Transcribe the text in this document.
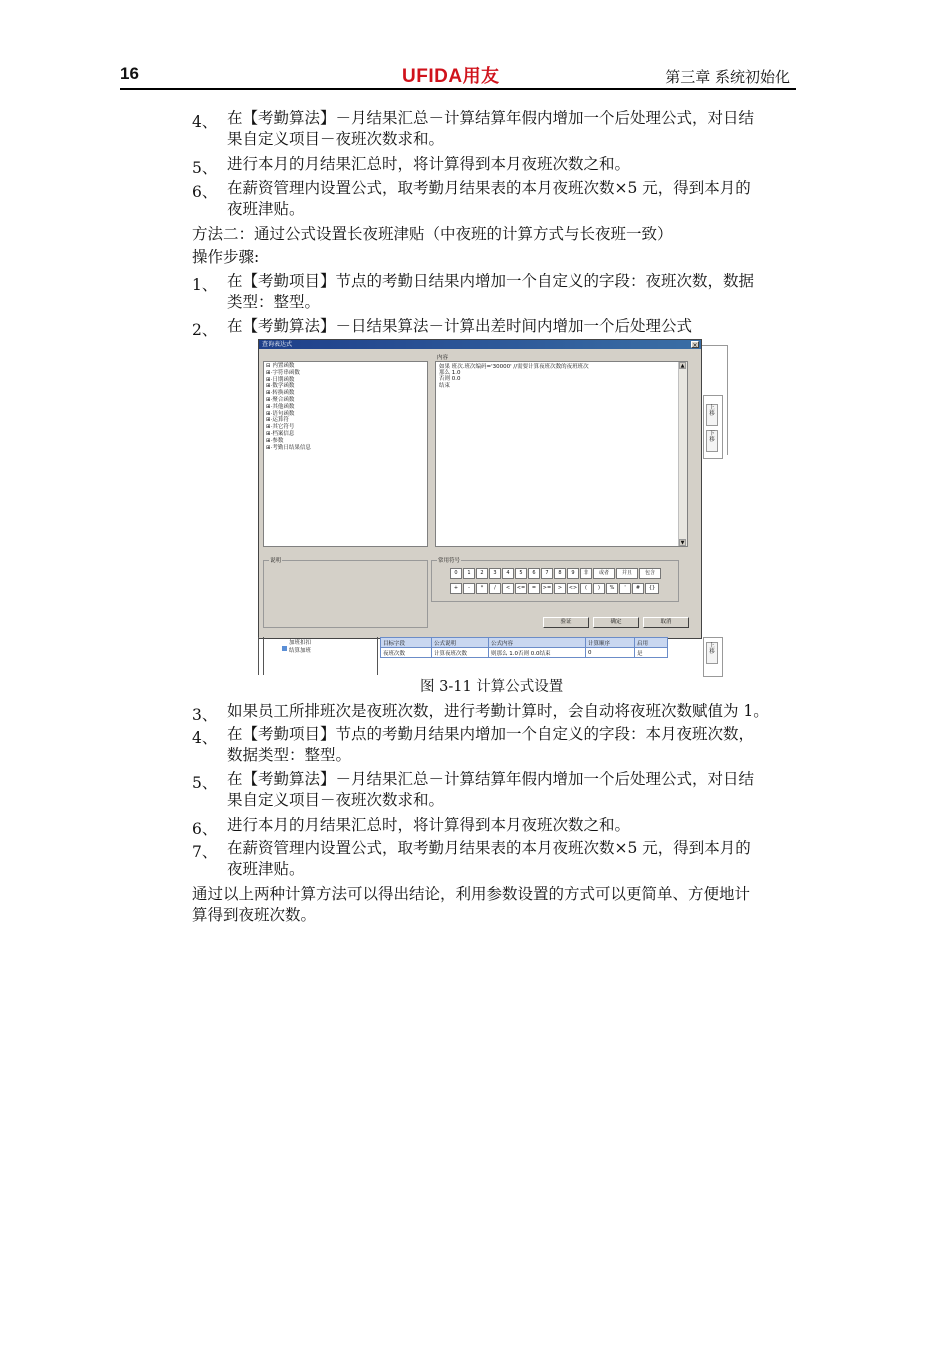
16	UFIDA用友	第三章 系统初始化
4、 在【考勤算法】－月结果汇总－计算结算年假内增加一个后处理公式，对日结
果自定义项目－夜班次数求和。
5、 进行本月的月结果汇总时，将计算得到本月夜班次数之和。
6、 在薪资管理内设置公式，取考勤月结果表的本月夜班次数×5 元，得到本月的
夜班津贴。
方法二：通过公式设置长夜班津贴（中夜班的计算方式与长夜班一致）
操作步骤:
1、 在【考勤项目】节点的考勤日结果内增加一个自定义的字段：夜班次数，数据
类型：整型。
2、 在【考勤算法】－日结果算法－计算出差时间内增加一个后处理公式
查询表达式	×
⊟ 内置函数
⊞·字符串函数
⊞·日期函数
⊞·数学函数
⊞·转换函数
⊞·聚合函数
⊞·其他函数
⊞·语句函数
⊞·运算符
⊞·其它符号
⊞·档案信息
⊞·参数
⊞·考勤日结果信息
内容
如果 班次.班次编码='30000' //需要计算夜班次数的夜班班次
那么 1.0
否则 0.0
结束
▲
▼
说明	常用符号
0	1	2	3	4	5	6	7	8	9	非	或者	并且	包含
+	-	*	/	<	<=	=	>=	>	<>	(	)	%	'	#	{}
验证	确定	取消
上移
下移
加班扣扣
结算加班
目标字段	公式说明	公式内容	计算顺序	启用
夜班次数	计算夜班次数	则那么 1.0否则 0.0结束	0	是
上移
图 3-11 计算公式设置
3、 如果员工所排班次是夜班次数，进行考勤计算时，会自动将夜班次数赋值为 1。
4、 在【考勤项目】节点的考勤月结果内增加一个自定义的字段：本月夜班次数，
数据类型：整型。
5、 在【考勤算法】－月结果汇总－计算结算年假内增加一个后处理公式，对日结
果自定义项目－夜班次数求和。
6、 进行本月的月结果汇总时，将计算得到本月夜班次数之和。
7、 在薪资管理内设置公式，取考勤月结果表的本月夜班次数×5 元，得到本月的
夜班津贴。
通过以上两种计算方法可以得出结论，利用参数设置的方式可以更简单、方便地计
算得到夜班次数。
